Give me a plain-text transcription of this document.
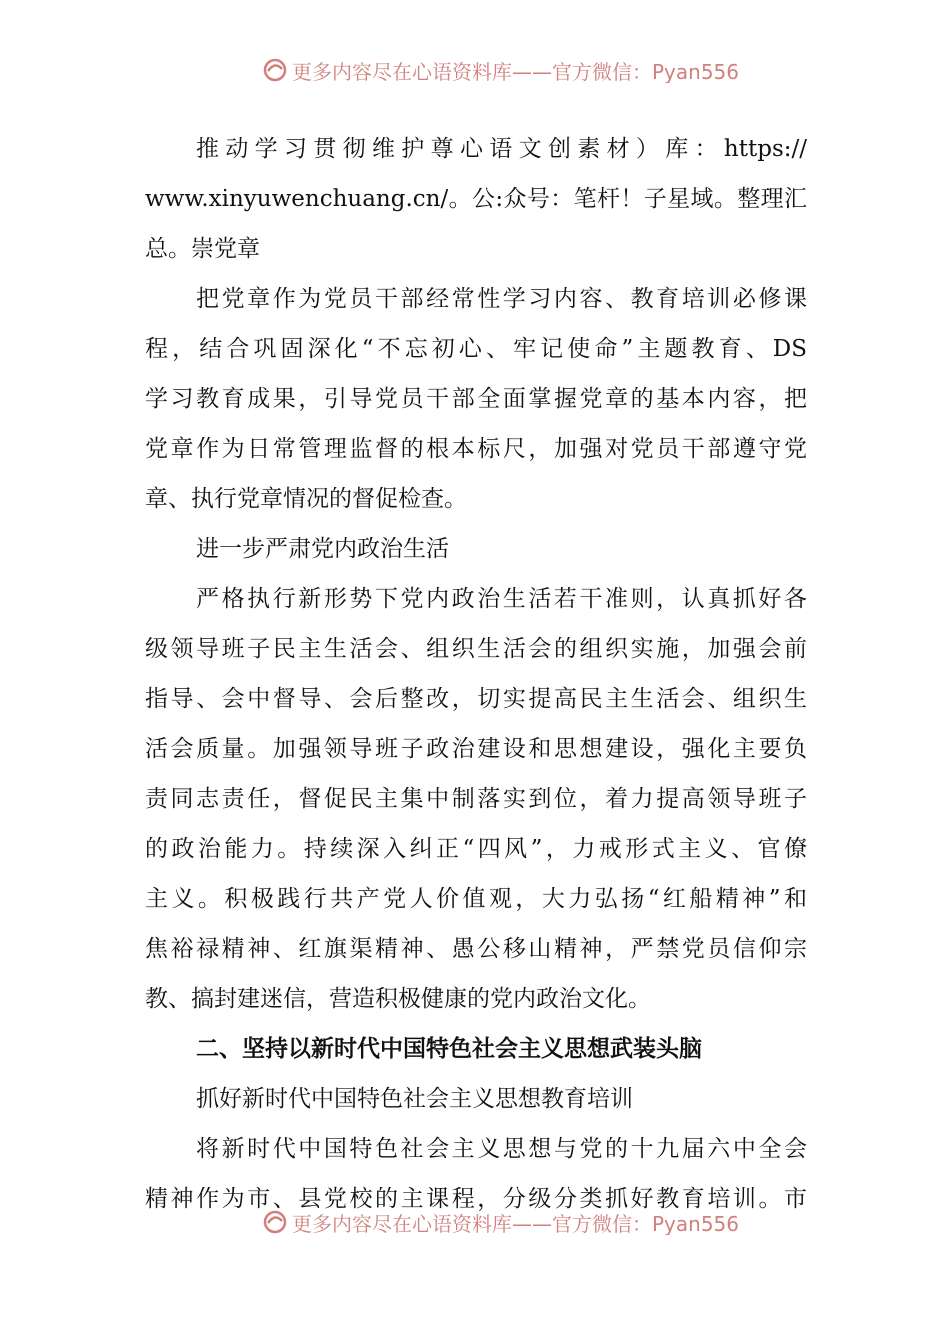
更多内容尽在心语资料库——官方微信：Pyan556
推动学习贯彻维护尊心语文创素材）库：https://
www.xinyuwenchuang.cn/。公:众号：笔杆！子星域。整理汇
总。崇党章
把党章作为党员干部经常性学习内容、教育培训必修课
程，结合巩固深化“不忘初心、牢记使命”主题教育、DS
学习教育成果，引导党员干部全面掌握党章的基本内容，把
党章作为日常管理监督的根本标尺，加强对党员干部遵守党
章、执行党章情况的督促检查。
进一步严肃党内政治生活
严格执行新形势下党内政治生活若干准则，认真抓好各
级领导班子民主生活会、组织生活会的组织实施，加强会前
指导、会中督导、会后整改，切实提高民主生活会、组织生
活会质量。加强领导班子政治建设和思想建设，强化主要负
责同志责任，督促民主集中制落实到位，着力提高领导班子
的政治能力。持续深入纠正“四风”，力戒形式主义、官僚
主义。积极践行共产党人价值观，大力弘扬“红船精神”和
焦裕禄精神、红旗渠精神、愚公移山精神，严禁党员信仰宗
教、搞封建迷信，营造积极健康的党内政治文化。
二、坚持以新时代中国特色社会主义思想武装头脑
抓好新时代中国特色社会主义思想教育培训
将新时代中国特色社会主义思想与党的十九届六中全会
精神作为市、县党校的主课程，分级分类抓好教育培训。市
更多内容尽在心语资料库——官方微信：Pyan556
